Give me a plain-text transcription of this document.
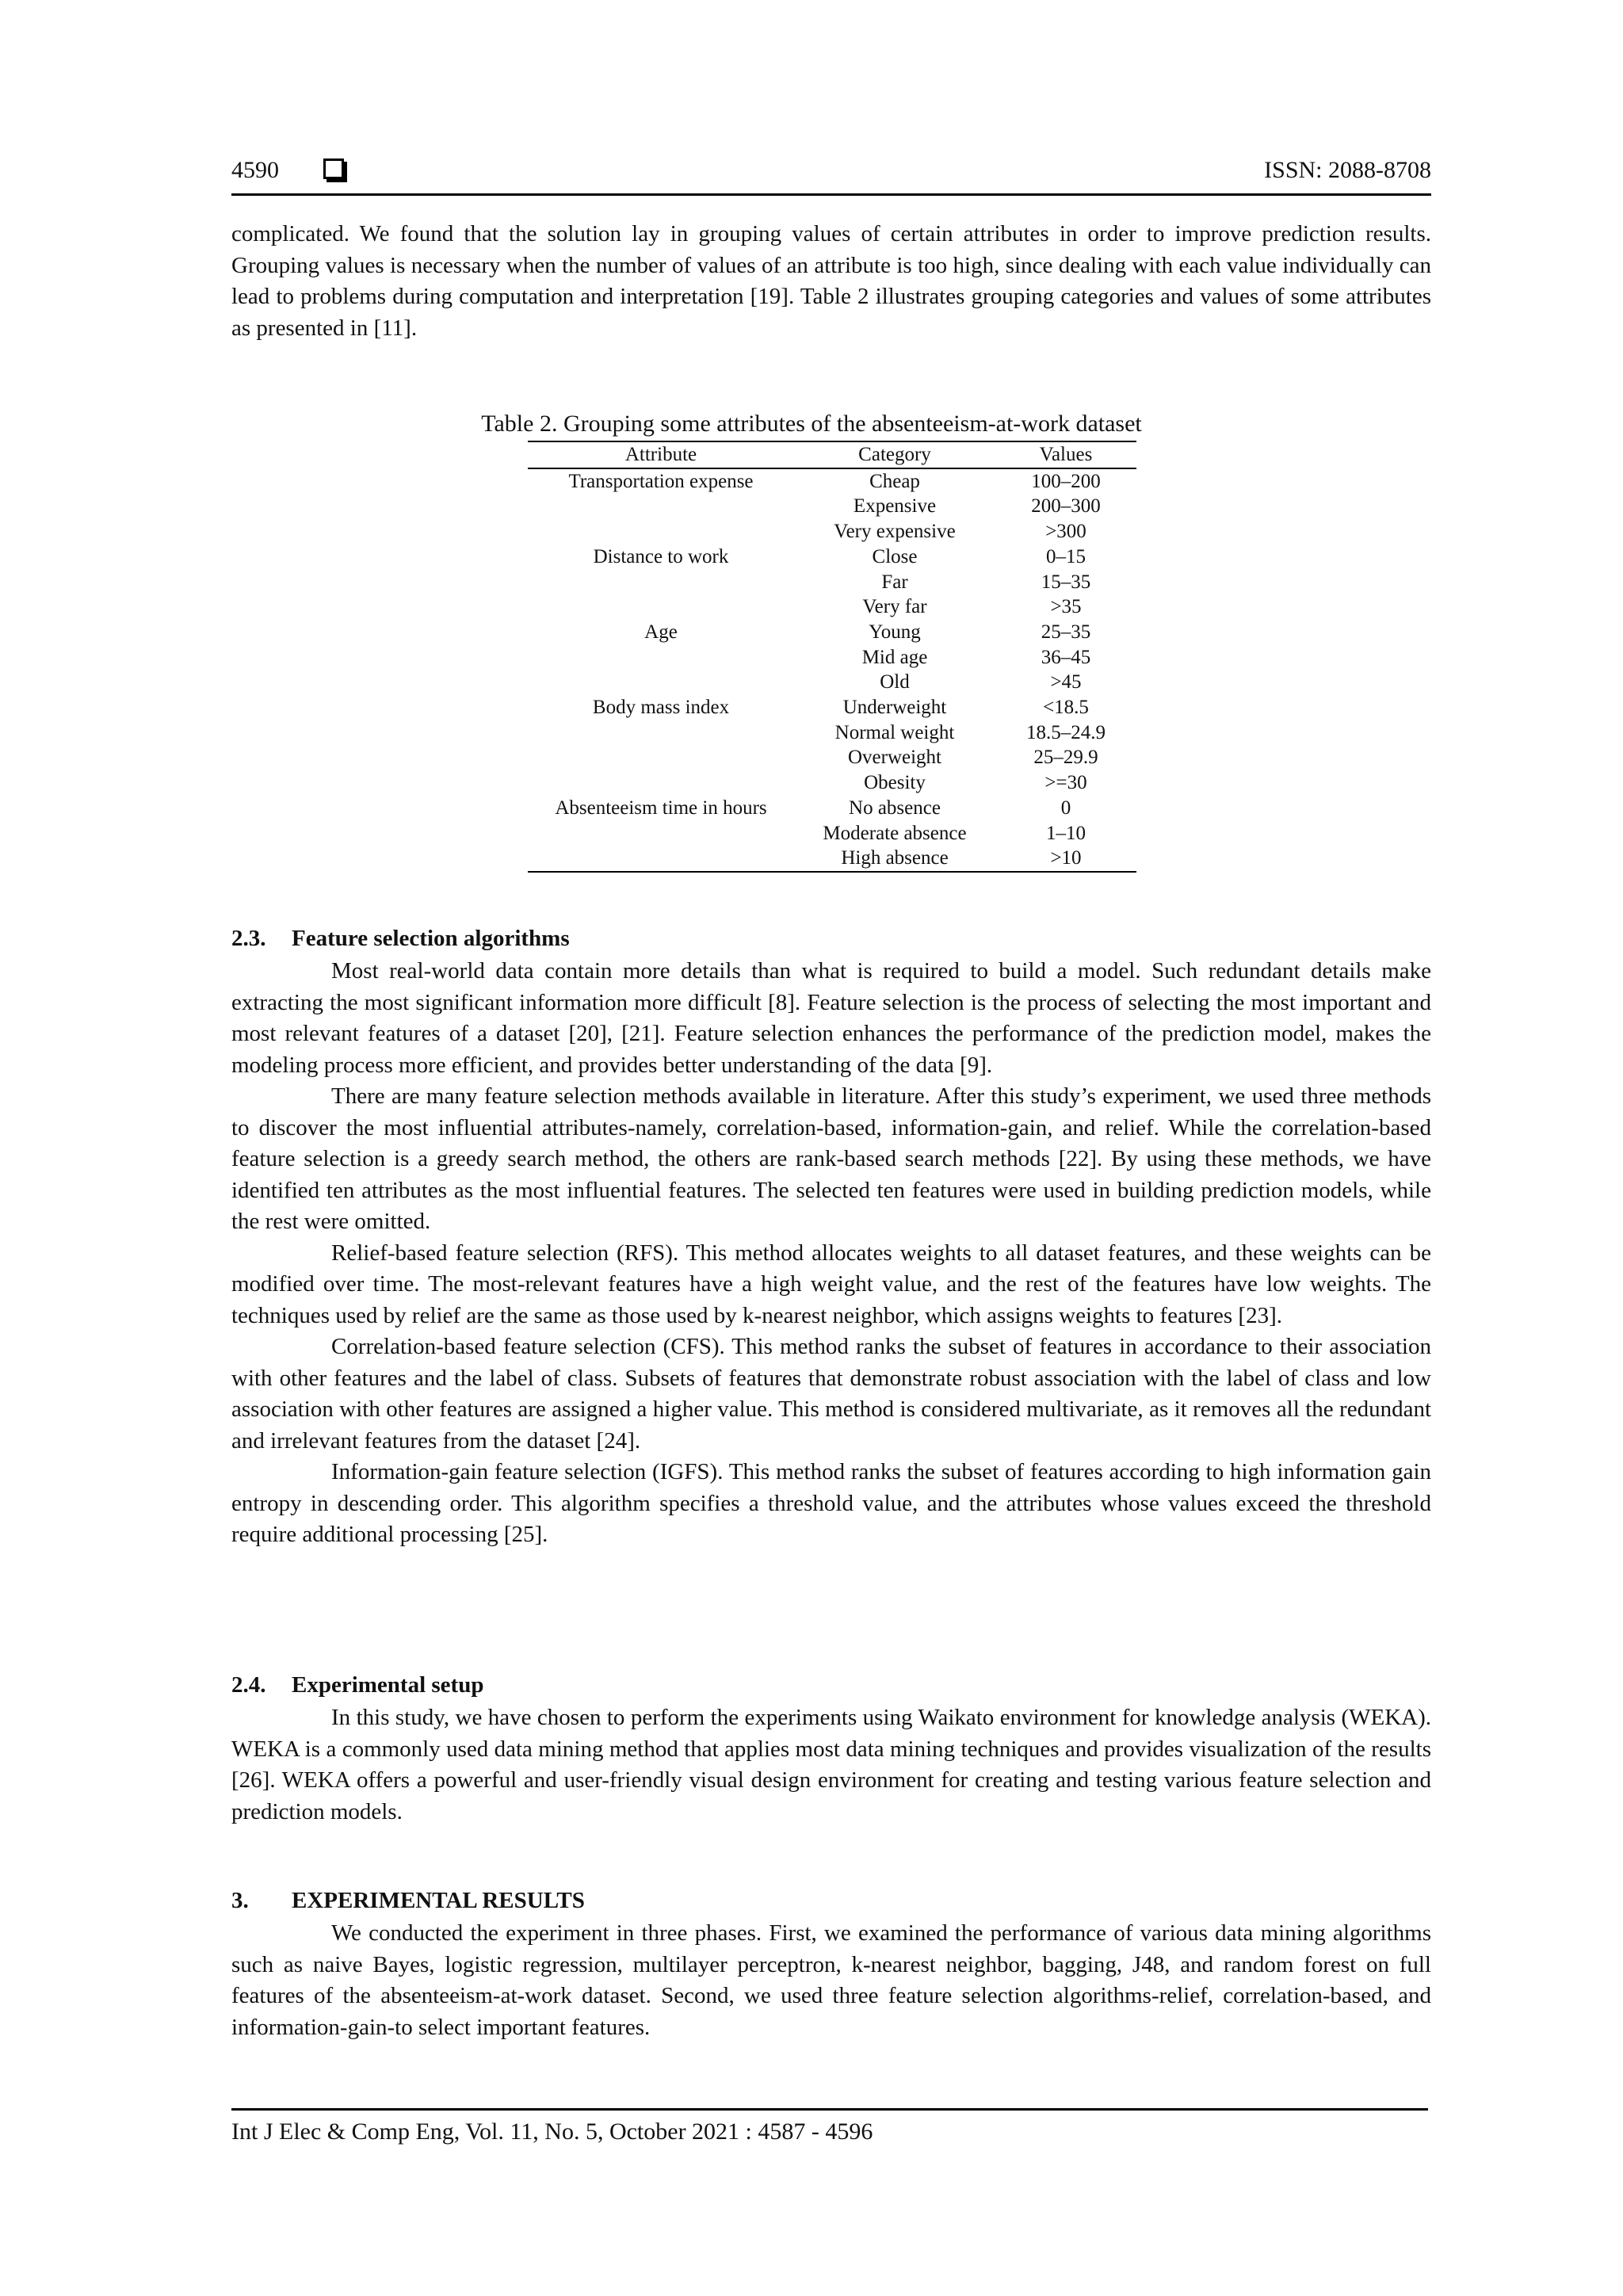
4590	ISSN: 2088-8708

complicated. We found that the solution lay in grouping values of certain attributes in order to improve prediction results. Grouping values is necessary when the number of values of an attribute is too high, since dealing with each value individually can lead to problems during computation and interpretation [19]. Table 2 illustrates grouping categories and values of some attributes as presented in [11].

Table 2. Grouping some attributes of the absenteeism-at-work dataset
Attribute	Category	Values
Transportation expense	Cheap	100–200
	Expensive	200–300
	Very expensive	>300
Distance to work	Close	0–15
	Far	15–35
	Very far	>35
Age	Young	25–35
	Mid age	36–45
	Old	>45
Body mass index	Underweight	<18.5
	Normal weight	18.5–24.9
	Overweight	25–29.9
	Obesity	>=30
Absenteeism time in hours	No absence	0
	Moderate absence	1–10
	High absence	>10
2.3. Feature selection algorithms

Most real-world data contain more details than what is required to build a model. Such redundant details make extracting the most significant information more difficult [8]. Feature selection is the process of selecting the most important and most relevant features of a dataset [20], [21]. Feature selection enhances the performance of the prediction model, makes the modeling process more efficient, and provides better understanding of the data [9].

There are many feature selection methods available in literature. After this study’s experiment, we used three methods to discover the most influential attributes-namely, correlation-based, information-gain, and relief. While the correlation-based feature selection is a greedy search method, the others are rank-based search methods [22]. By using these methods, we have identified ten attributes as the most influential features. The selected ten features were used in building prediction models, while the rest were omitted.

Relief-based feature selection (RFS). This method allocates weights to all dataset features, and these weights can be modified over time. The most-relevant features have a high weight value, and the rest of the features have low weights. The techniques used by relief are the same as those used by k-nearest neighbor, which assigns weights to features [23].

Correlation-based feature selection (CFS). This method ranks the subset of features in accordance to their association with other features and the label of class. Subsets of features that demonstrate robust association with the label of class and low association with other features are assigned a higher value. This method is considered multivariate, as it removes all the redundant and irrelevant features from the dataset [24].

Information-gain feature selection (IGFS). This method ranks the subset of features according to high information gain entropy in descending order. This algorithm specifies a threshold value, and the attributes whose values exceed the threshold require additional processing [25].

2.4. Experimental setup

In this study, we have chosen to perform the experiments using Waikato environment for knowledge analysis (WEKA). WEKA is a commonly used data mining method that applies most data mining techniques and provides visualization of the results [26]. WEKA offers a powerful and user-friendly visual design environment for creating and testing various feature selection and prediction models.

3. EXPERIMENTAL RESULTS

We conducted the experiment in three phases. First, we examined the performance of various data mining algorithms such as naive Bayes, logistic regression, multilayer perceptron, k-nearest neighbor, bagging, J48, and random forest on full features of the absenteeism-at-work dataset. Second, we used three feature selection algorithms-relief, correlation-based, and information-gain-to select important features.

Int J Elec & Comp Eng, Vol. 11, No. 5, October 2021 : 4587 - 4596
